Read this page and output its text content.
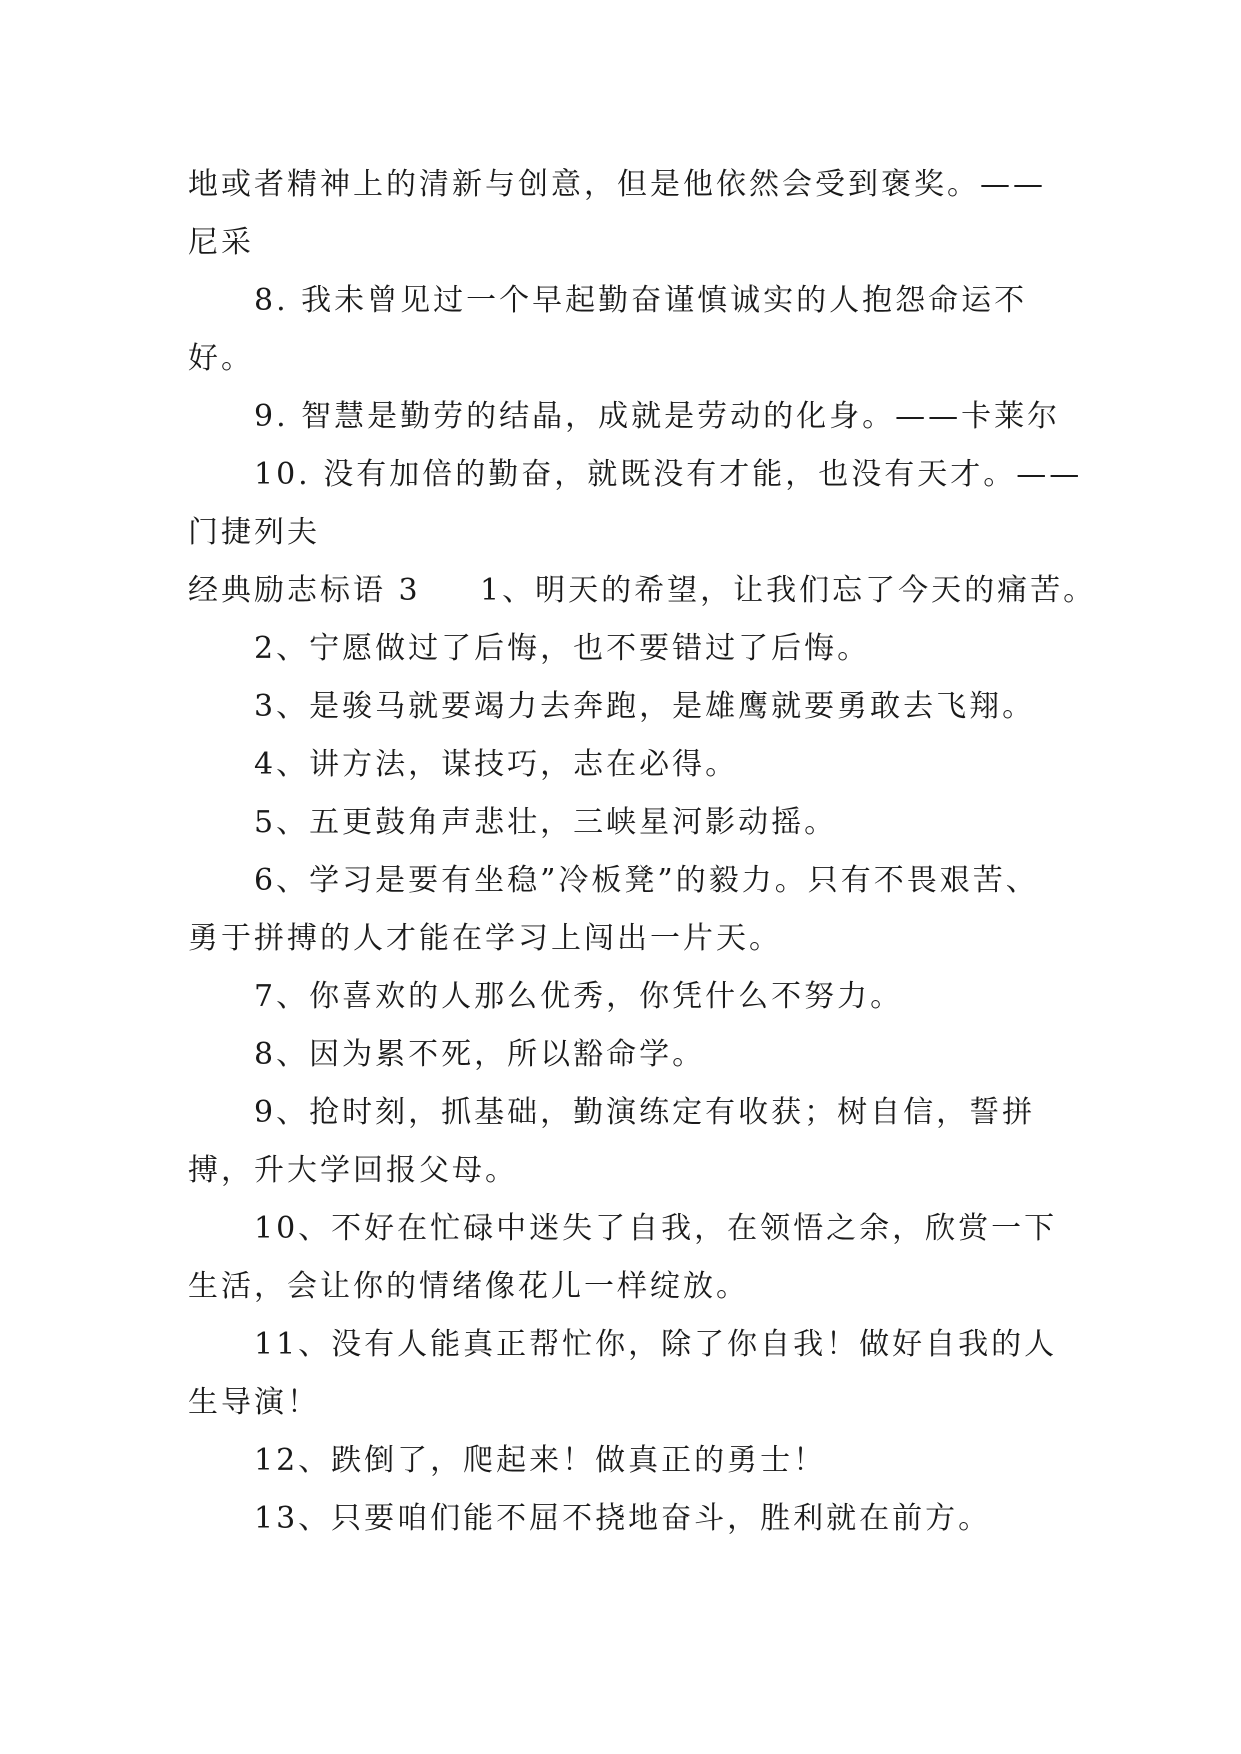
地或者精神上的清新与创意，但是他依然会受到褒奖。——
尼采
8. 我未曾见过一个早起勤奋谨慎诚实的人抱怨命运不
好。
9. 智慧是勤劳的结晶，成就是劳动的化身。——卡莱尔
10. 没有加倍的勤奋，就既没有才能，也没有天才。——
门捷列夫
经典励志标语 3 1、明天的希望，让我们忘了今天的痛苦。
2、宁愿做过了后悔，也不要错过了后悔。
3、是骏马就要竭力去奔跑，是雄鹰就要勇敢去飞翔。
4、讲方法，谋技巧，志在必得。
5、五更鼓角声悲壮，三峡星河影动摇。
6、学习是要有坐稳”冷板凳”的毅力。只有不畏艰苦、
勇于拼搏的人才能在学习上闯出一片天。
7、你喜欢的人那么优秀，你凭什么不努力。
8、因为累不死，所以豁命学。
9、抢时刻，抓基础，勤演练定有收获；树自信，誓拼
搏，升大学回报父母。
10、不好在忙碌中迷失了自我，在领悟之余，欣赏一下
生活，会让你的情绪像花儿一样绽放。
11、没有人能真正帮忙你，除了你自我！做好自我的人
生导演！
12、跌倒了，爬起来！做真正的勇士！
13、只要咱们能不屈不挠地奋斗，胜利就在前方。
